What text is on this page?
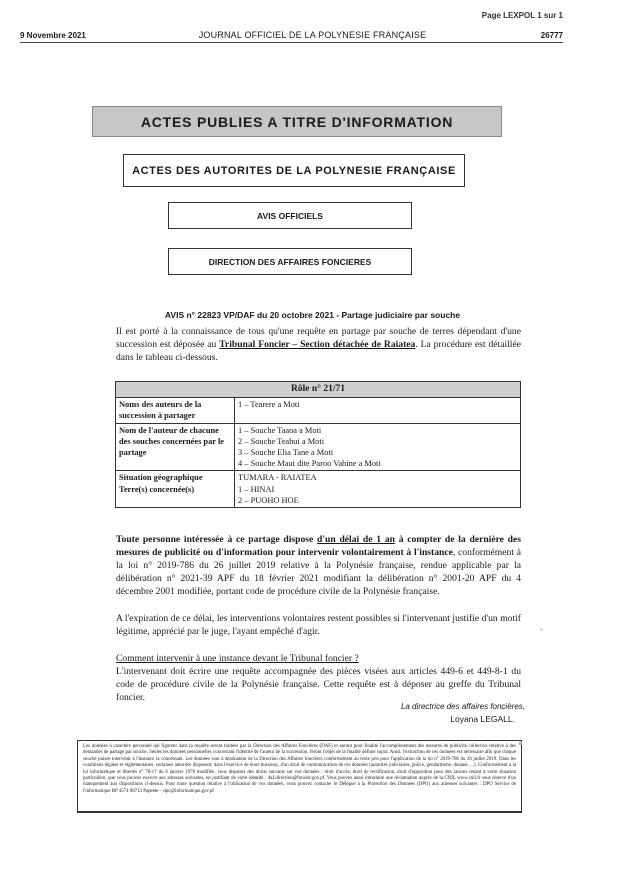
Page LEXPOL 1 sur 1
9 Novembre 2021	JOURNAL OFFICIEL DE LA POLYNESIE FRANÇAISE	26777
ACTES PUBLIES A TITRE D'INFORMATION
ACTES DES AUTORITES DE LA POLYNESIE FRANÇAISE
AVIS OFFICIELS
DIRECTION DES AFFAIRES FONCIERES
AVIS n° 22823 VP/DAF du 20 octobre 2021 - Partage judiciaire par souche
Il est porté à la connaissance de tous qu'une requête en partage par souche de terres dépendant d'une succession est déposée au Tribunal Foncier – Section détachée de Raiatea. La procédure est détaillée dans le tableau ci-dessous.
Rôle n° 21/71	
Noms des auteurs de la succession à partager	1 – Tearere a Moti

Nom de l'auteur de chacune des souches concernées par le partage	1 – Souche Taaoa a Moti
2 – Souche Teahui a Moti
3 – Souche Elia Tane a Moti
4 – Souche Maui dite Paroo Vahine a Moti

Situation géographique Terre(s) concernée(s)	TUMARA - RAIATEA
1 – HINAI
2 – PUOHO HOE
Toute personne intéressée à ce partage dispose d'un délai de 1 an à compter de la dernière des mesures de publicité ou d'information pour intervenir volontairement à l'instance, conformément à la loi n° 2019-786 du 26 juillet 2019 relative à la Polynésie française, rendue applicable par la délibération n° 2021-39 APF du 18 février 2021 modifiant la délibération n° 2001-20 APF du 4 décembre 2001 modifiée, portant code de procédure civile de la Polynésie française.
A l'expiration de ce délai, les interventions volontaires restent possibles si l'intervenant justifie d'un motif légitime, apprécié par le juge, l'ayant empêché d'agir.
Comment intervenir à une instance devant le Tribunal foncier ?
L'intervenant doit écrire une requête accompagnée des pièces visées aux articles 449-6 et 449-8-1 du code de procédure civile de la Polynésie française. Cette requête est à déposer au greffe du Tribunal foncier.
La directrice des affaires foncières,
Loyana LEGALL.
Les données à caractère personnel qui figurent dans la requête seront traitées par la Direction des Affaires Foncières (DAF) et auront pour finalité l'accomplissement des mesures de publicité collective relative à des demandes de partage par souche. Seules les données personnelles concernant l'identité de l'auteur de la succession, feront l'objet de la finalité définie supra. Ainsi, l'extraction de ces données est nécessaire afin que chaque souche puisse intervenir à l'instance la concernant. Les données sont à destination de la Direction des Affaires foncières conformément au texte pris pour l'application de la loi n° 2019-786 du 26 juillet 2019. Dans les conditions légales et réglementaires, certaines autorités disposent, dans l'exercice de leurs missions, d'un droit de communication de ces données (autorités judiciaires, police, gendarmerie, douane, ...). Conformément à la loi informatique et libertés n° 78-17 du 6 janvier 1978 modifiée, vous disposez des droits suivants sur vos données : droit d'accès, droit de rectification, droit d'opposition pour des raisons tenant à votre situation particulière, que vous pouvez exercer aux adresses suivantes, en justifiant de votre identité : daf.direction@foncier.gov.pf. Vous pouvez aussi introduire une réclamation auprès de la CNIL www.cnil.fr sous réserve d'un manquement aux dispositions ci-dessus. Pour toute question relative à l'utilisation de vos données, vous pouvez contacter le Délégué à la Protection des Données (DPO) aux adresses suivantes : DPO Service de l'informatique BP 4574 98713 Papeete – dpo@informatique.gov.pf
